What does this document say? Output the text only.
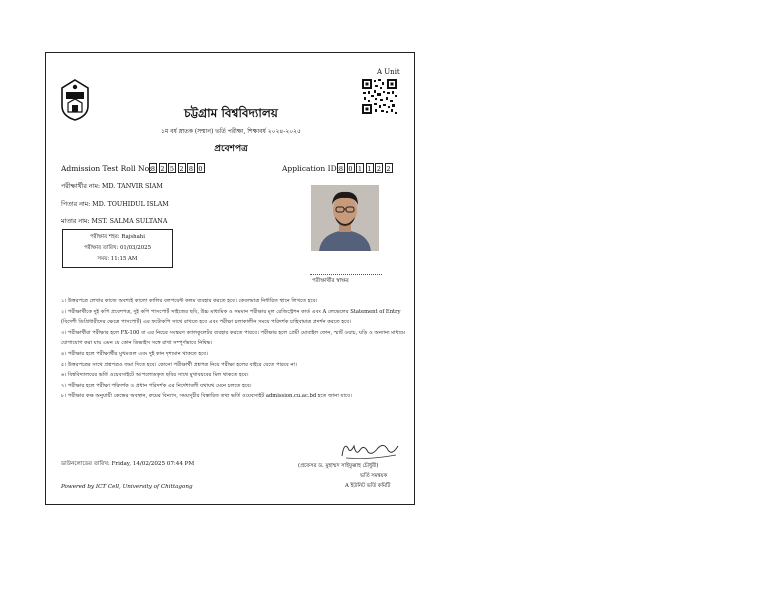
A Unit
চট্টগ্রাম বিশ্ববিদ্যালয়
১ম বর্ষ স্নাতক (সম্মান) ভর্তি পরীক্ষা, শিক্ষাবর্ষ ২০২৪-২০২৫
প্রবেশপত্র
Admission Test Roll No: 8 2 5 2 8 0	Application ID: 8 0 1 1 2 2
পরীক্ষার্থীর নাম: MD. TANVIR SIAM
পিতার নাম: MD. TOUHIDUL ISLAM
মাতার নাম: MST. SALMA SULTANA
পরীক্ষার শহর: Rajshahi
পরীক্ষার তারিখ: 01/03/2025
সময়: 11:15 AM
পরীক্ষার্থীর স্বাক্ষর

১। উত্তরপত্রে লেখার কাজে অবশ্যই কালো কালির বলপয়েন্ট কলম ব্যবহার করতে হবে। কেবলমাত্র নির্ধারিত স্থানে লিখতে হবে।

২। পরীক্ষার্থীকে দুই কপি প্রবেশপত্র, দুই কপি পাসপোর্ট সাইজের ছবি, উচ্চ মাধ্যমিক ও সমমান পরীক্ষার মূল রেজিস্ট্রেশন কার্ড এবং A লেভেলের Statement of Entry (বিদেশী ডিগ্রিধারীদের ক্ষেত্রে পাসপোর্ট) এর ফটোকপি সাথে রাখতে হবে এবং পরীক্ষা চলাকালীন সময়ে পরিদর্শক চাহিবামাত্র প্রদর্শন করতে হবে।

৩। পরীক্ষার্থীরা পরীক্ষার হলে FX-100 বা এর নিচের সংস্করণ ক্যালকুলেটর ব্যবহার করতে পারবে। পরীক্ষার হলে প্রেমী মোবাইল ফোন, স্মার্ট ওয়াচ, ঘড়ি ও অন্যান্য মাধ্যমে যোগাযোগ করা যায় এমন যে কোন ডিভাইস সঙ্গে রাখা সম্পূর্ণভাবে নিষিদ্ধ।

৪। পরীক্ষার হলে পরীক্ষার্থীর মুখমণ্ডল এবং দুই কান দৃশ্যমান থাকতে হবে।

৫। উত্তরপত্রের সাথে প্রশ্নপত্রও জমা দিতে হবে। কোনো পরীক্ষার্থী প্রশ্নপত্র নিয়ে পরীক্ষা হলের বাইরে যেতে পারবে না।

৬। বিশ্ববিদ্যালয়ের ভর্তি ওয়েবসাইটে আপলোডকৃত ছবির সাথে মুখাবয়বের মিল থাকতে হবে।

৭। পরীক্ষার হলে পরীক্ষা পরিদর্শক ও প্রধান পরিদর্শক এর নির্দেশাবলী যথাযথ মেনে চলতে হবে।

৮। পরীক্ষার কক্ষ অনুযায়ী কেন্দ্রের অবস্থান, রুমের বিন্যাস, সময়সূচীর বিস্তারিত তথ্য ভর্তি ওয়েবসাইট admission.cu.ac.bd হতে জানা যাবে।

(প্রফেসর ড. মুহাম্মদ সাইফুল্লাহ চৌধুরী)
ভর্তি সমন্বয়ক
A ইউনিট ভর্তি কমিটি
ডাউনলোডের তারিখ: Friday, 14/02/2025 07:44 PM
Powered by ICT Cell, University of Chittagong
